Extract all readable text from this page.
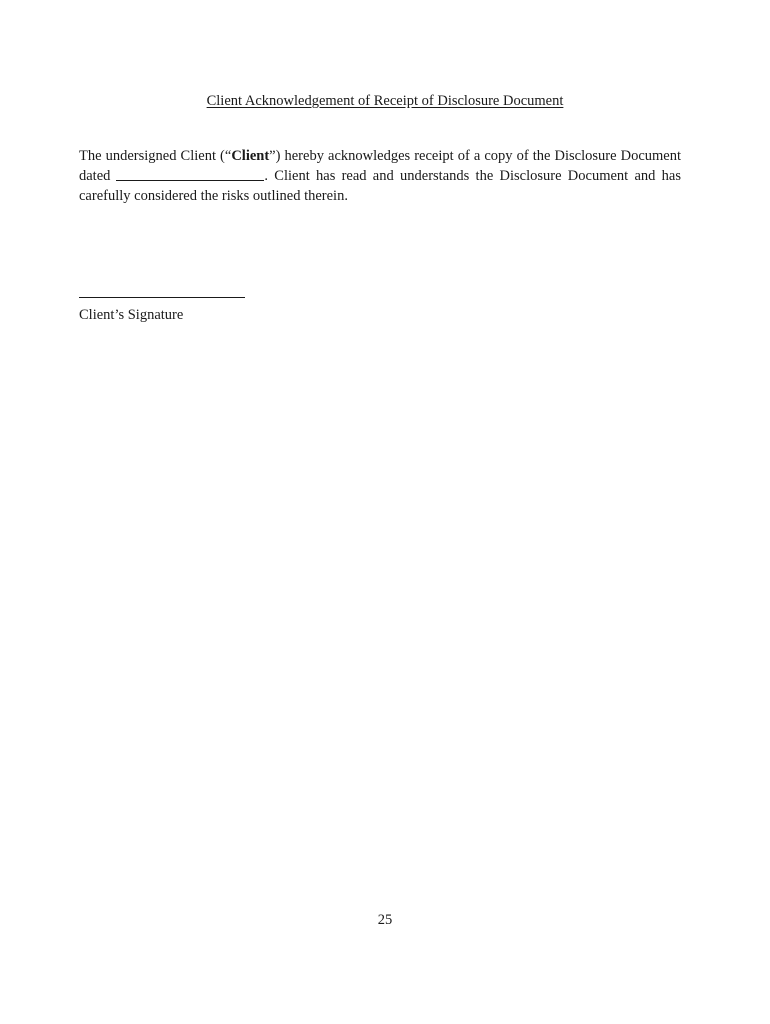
Client Acknowledgement of Receipt of Disclosure Document
The undersigned Client (“Client”) hereby acknowledges receipt of a copy of the Disclosure Document dated	. Client has read and understands the Disclosure Document and has carefully considered the risks outlined therein.
Client’s Signature
25
